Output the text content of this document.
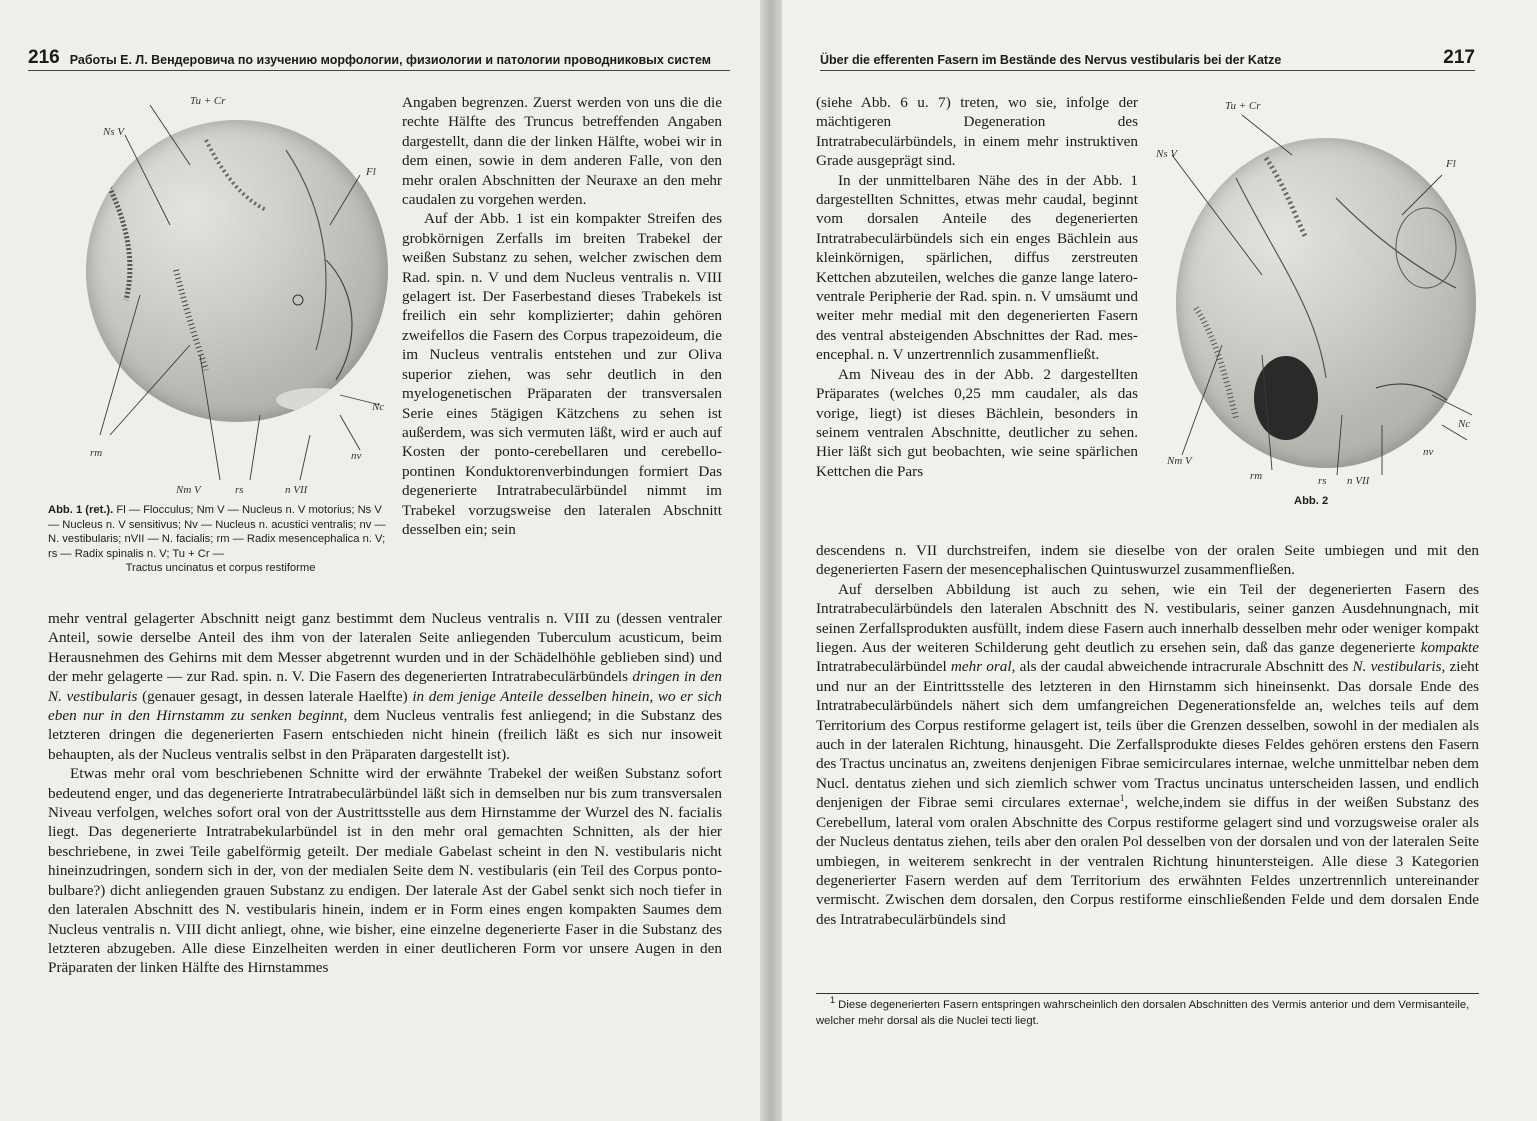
216 Работы Е. Л. Вендеровича по изучению морфологии, физиологии и патологии проводниковых систем
Tu + Cr
Ns V
Fl
Nc
rm	nv
Nm V	rs	n VII
Abb. 1 (ret.). Fl — Flocculus; Nm V — Nucleus n. V motorius; Ns V — Nucleus n. V sensitivus; Nv — Nucleus n. acustici ventralis; nv — N. vestibularis; nVII — N. facialis; rm — Radix mesencephalica n. V; rs — Radix spinalis n. V; Tu + Cr —
Tractus uncinatus et corpus restiforme

Angaben begrenzen. Zuerst werden von uns die die rechte Hälfte des Truncus betreffenden Angaben dargestellt, dann die der linken Hälfte, wobei wir in dem einen, sowie in dem anderen Falle, von den mehr oralen Abschnitten der Neuraxe an den mehr caudalen zu vorgehen werden.

Auf der Abb. 1 ist ein kompakter Streifen des grobkörnigen Zerfalls im breiten Trabekel der weißen Substanz zu sehen, welcher zwischen dem Rad. spin. n. V und dem Nucleus ventralis n. VIII gelagert ist. Der Faserbestand dieses Trabekels ist freilich ein sehr komplizierter; dahin gehören zweifellos die Fasern des Corpus trapezoideum, die im Nucleus ventralis entstehen und zur Oliva superior ziehen, was sehr deutlich in den myelogenetischen Präparaten der transversalen Serie eines 5tägigen Kätzchens zu sehen ist außerdem, was sich vermuten läßt, wird er auch auf Kosten der ponto-cerebellaren und cerebello-pontinen Konduktorenverbindungen formiert Das degenerierte Intratrabeculärbündel nimmt im Trabekel vorzugsweise den lateralen Abschnitt desselben ein; sein

mehr ventral gelagerter Abschnitt neigt ganz bestimmt dem Nucleus ventralis n. VIII zu (dessen ventraler Anteil, sowie derselbe Anteil des ihm von der lateralen Seite anliegenden Tuberculum acusticum, beim Herausnehmen des Gehirns mit dem Messer abgetrennt wurden und in der Schädelhöhle geblieben sind) und der mehr gelagerte — zur Rad. spin. n. V. Die Fasern des degenerierten Intratrabeculärbündels dringen in den N. vestibularis (genauer gesagt, in dessen laterale Haelfte) in dem jenige Anteile desselben hinein, wo er sich eben nur in den Hirnstamm zu senken beginnt, dem Nucleus ventralis fest anliegend; in die Substanz des letzteren dringen die degenerierten Fasern entschieden nicht hinein (freilich läßt es sich nur insoweit behaupten, als der Nucleus ventralis selbst in den Präparaten dargestellt ist).

Etwas mehr oral vom beschriebenen Schnitte wird der erwähnte Trabekel der weißen Substanz sofort bedeutend enger, und das degenerierte Intratrabeculärbündel läßt sich in demselben nur bis zum transversalen Niveau verfolgen, welches sofort oral von der Austrittsstelle aus dem Hirnstamme der Wurzel des N. facialis liegt. Das degenerierte Intratrabekularbündel ist in den mehr oral gemachten Schnitten, als der hier beschriebene, in zwei Teile gabelförmig geteilt. Der mediale Gabelast scheint in den N. vestibularis nicht hineinzudringen, sondern sich in der, von der medialen Seite dem N. vestibularis (ein Teil des Corpus ponto-bulbare?) dicht anliegenden grauen Substanz zu endigen. Der laterale Ast der Gabel senkt sich noch tiefer in den lateralen Abschnitt des N. vestibularis hinein, indem er in Form eines engen kompakten Saumes dem Nucleus ventralis n. VIII dicht anliegt, ohne, wie bisher, eine einzelne degenerierte Faser in die Substanz des letzteren abzugeben. Alle diese Einzelheiten werden in einer deutlicheren Form vor unsere Augen in den Präparaten der linken Hälfte des Hirnstammes

Über die efferenten Fasern im Bestände des Nervus vestibularis bei der Katze	217

(siehe Abb. 6 u. 7) treten, wo sie, infolge der mächtigeren Degeneration des Intratrabeculärbündels, in einem mehr instruktiven Grade ausgeprägt sind.

In der unmittelbaren Nähe des in der Abb. 1 dargestellten Schnittes, etwas mehr caudal, beginnt vom dorsalen Anteile des degenerierten Intratrabeculärbündels sich ein enges Bächlein aus kleinkörnigen, spärlichen, diffus zerstreuten Kettchen abzuteilen, welches die ganze lange latero-ventrale Peripherie der Rad. spin. n. V umsäumt und weiter mehr medial mit den degenerierten Fasern des ventral absteigenden Abschnittes der Rad. mes-encephal. n. V unzertrennlich zusammenfließt.

Am Niveau des in der Abb. 2 dargestellten Präparates (welches 0,25 mm caudaler, als das vorige, liegt) ist dieses Bächlein, besonders in seinem ventralen Abschnitte, deutlicher zu sehen. Hier läßt sich gut beobachten, wie seine spärlichen Kettchen die Pars

Tu + Cr
Ns V
Fl
Nc
nv
Nm V
rm	rs n VII
Abb. 2

descendens n. VII durchstreifen, indem sie dieselbe von der oralen Seite umbiegen und mit den degenerierten Fasern der mesencephalischen Quintuswurzel zusammenfließen.

Auf derselben Abbildung ist auch zu sehen, wie ein Teil der degenerierten Fasern des Intratrabeculärbündels den lateralen Abschnitt des N. vestibularis, seiner ganzen Ausdehnungnach, mit seinen Zerfallsprodukten ausfüllt, indem diese Fasern auch innerhalb desselben mehr oder weniger kompakt liegen. Aus der weiteren Schilderung geht deutlich zu ersehen sein, daß das ganze degenerierte kompakte Intratrabeculärbündel mehr oral, als der caudal abweichende intracrurale Abschnitt des N. vestibularis, zieht und nur an der Eintrittsstelle des letzteren in den Hirnstamm sich hineinsenkt. Das dorsale Ende des Intratrabeculärbündels nähert sich dem umfangreichen Degenerationsfelde an, welches teils auf dem Territorium des Corpus restiforme gelagert ist, teils über die Grenzen desselben, sowohl in der medialen als auch in der lateralen Richtung, hinausgeht. Die Zerfallsprodukte dieses Feldes gehören erstens den Fasern des Tractus uncinatus an, zweitens denjenigen Fibrae semicirculares internae, welche unmittelbar neben dem Nucl. dentatus ziehen und sich ziemlich schwer vom Tractus uncinatus unterscheiden lassen, und endlich denjenigen der Fibrae semi circulares externae$^1$, welche,indem sie diffus in der weißen Substanz des Cerebellum, lateral vom oralen Abschnitte des Corpus restiforme gelagert sind und vorzugsweise oraler als der Nucleus dentatus ziehen, teils aber den oralen Pol desselben von der dorsalen und von der lateralen Seite umbiegen, in weiterem senkrecht in der ventralen Richtung hinuntersteigen. Alle diese 3 Kategorien degenerierter Fasern werden auf dem Territorium des erwähnten Feldes unzertrennlich untereinander vermischt. Zwischen dem dorsalen, den Corpus restiforme einschließenden Felde und dem dorsalen Ende des Intratrabeculärbündels sind

$^1$ Diese degenerierten Fasern entspringen wahrscheinlich den dorsalen Abschnitten des Vermis anterior und dem Vermisanteile, welcher mehr dorsal als die Nuclei tecti liegt.
